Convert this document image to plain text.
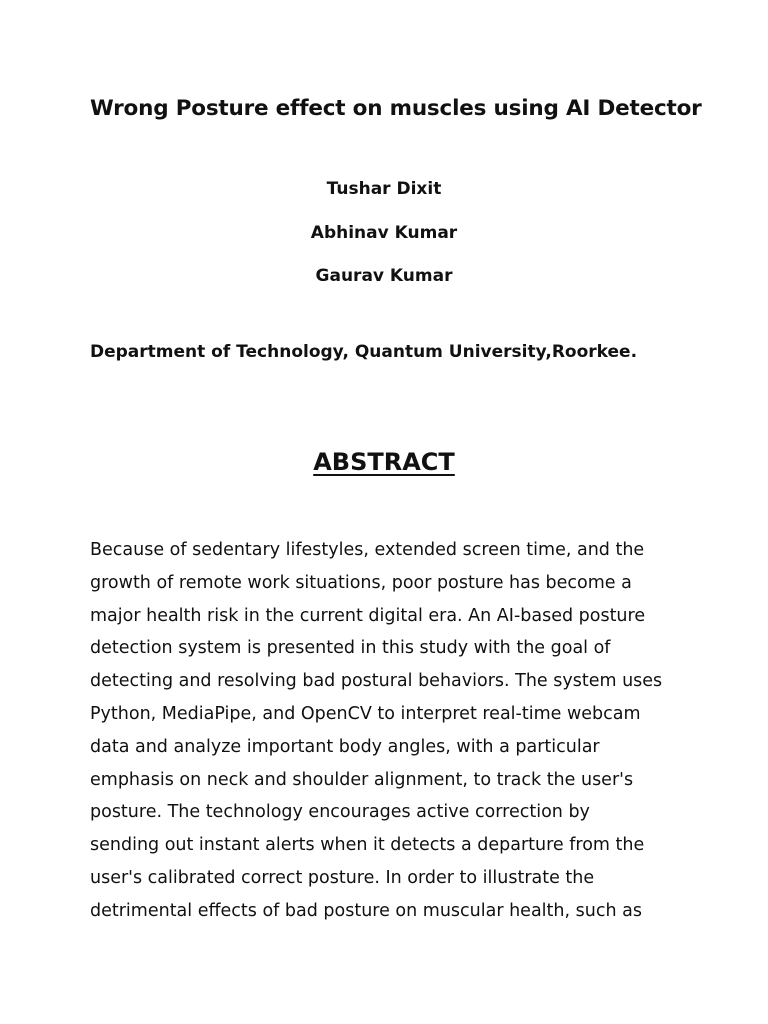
Wrong Posture effect on muscles using AI Detector

Tushar Dixit

Abhinav Kumar

Gaurav Kumar

Department of Technology, Quantum University,Roorkee.

ABSTRACT
Because of sedentary lifestyles, extended screen time, and the
growth of remote work situations, poor posture has become a
major health risk in the current digital era. An AI-based posture
detection system is presented in this study with the goal of
detecting and resolving bad postural behaviors. The system uses
Python, MediaPipe, and OpenCV to interpret real-time webcam
data and analyze important body angles, with a particular
emphasis on neck and shoulder alignment, to track the user's
posture. The technology encourages active correction by
sending out instant alerts when it detects a departure from the
user's calibrated correct posture. In order to illustrate the
detrimental effects of bad posture on muscular health, such as
